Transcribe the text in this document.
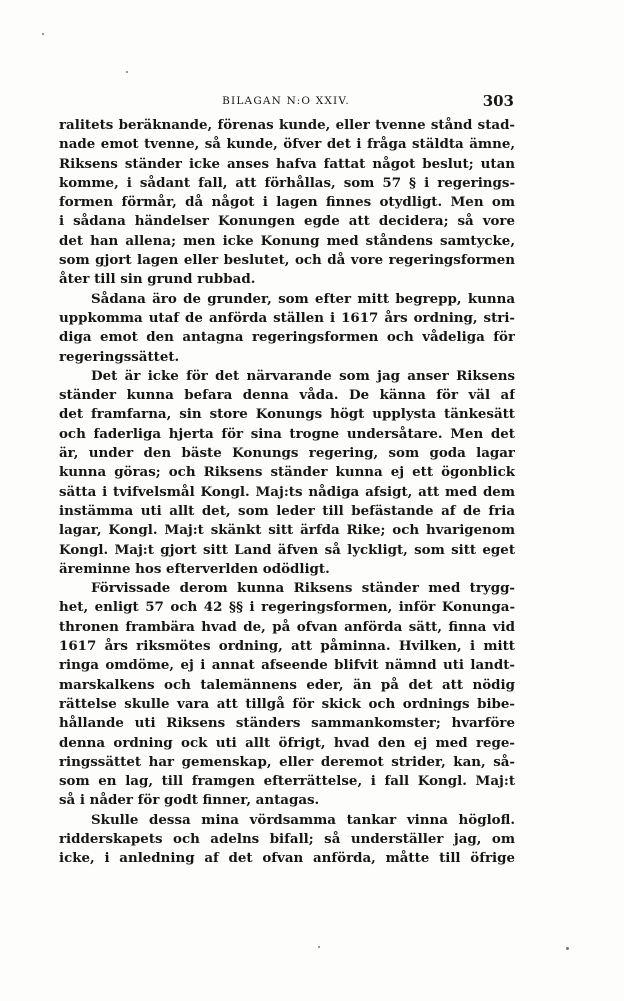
BILAGAN N:O XXIV.	303
ralitets beräknande, förenas kunde, eller tvenne stånd stad-
nade emot tvenne, så kunde, öfver det i fråga stäldta ämne,
Riksens ständer icke anses hafva fattat något beslut; utan
komme, i sådant fall, att förhållas, som 57 § i regerings-
formen förmår, då något i lagen finnes otydligt. Men om
i sådana händelser Konungen egde att decidera; så vore
det han allena; men icke Konung med ståndens samtycke,
som gjort lagen eller beslutet, och då vore regeringsformen
åter till sin grund rubbad.
Sådana äro de grunder, som efter mitt begrepp, kunna
uppkomma utaf de anförda ställen i 1617 års ordning, stri-
diga emot den antagna regeringsformen och vådeliga för
regeringssättet.
Det är icke för det närvarande som jag anser Riksens
ständer kunna befara denna våda. De känna för väl af
det framfarna, sin store Konungs högt upplysta tänkesätt
och faderliga hjerta för sina trogne undersåtare. Men det
är, under den bäste Konungs regering, som goda lagar
kunna göras; och Riksens ständer kunna ej ett ögonblick
sätta i tvifvelsmål Kongl. Maj:ts nådiga afsigt, att med dem
instämma uti allt det, som leder till befästande af de fria
lagar, Kongl. Maj:t skänkt sitt ärfda Rike; och hvarigenom
Kongl. Maj:t gjort sitt Land äfven så lyckligt, som sitt eget
äreminne hos efterverlden odödligt.
Förvissade derom kunna Riksens ständer med trygg-
het, enligt 57 och 42 §§ i regeringsformen, inför Konunga-
thronen frambära hvad de, på ofvan anförda sätt, finna vid
1617 års riksmötes ordning, att påminna. Hvilken, i mitt
ringa omdöme, ej i annat afseende blifvit nämnd uti landt-
marskalkens och talemännens eder, än på det att nödig
rättelse skulle vara att tillgå för skick och ordnings bibe-
hållande uti Riksens ständers sammankomster; hvarföre
denna ordning ock uti allt öfrigt, hvad den ej med rege-
ringssättet har gemenskap, eller deremot strider, kan, så-
som en lag, till framgen efterrättelse, i fall Kongl. Maj:t
så i nåder för godt finner, antagas.
Skulle dessa mina vördsamma tankar vinna höglofl.
ridderskapets och adelns bifall; så underställer jag, om
icke, i anledning af det ofvan anförda, måtte till öfrige
